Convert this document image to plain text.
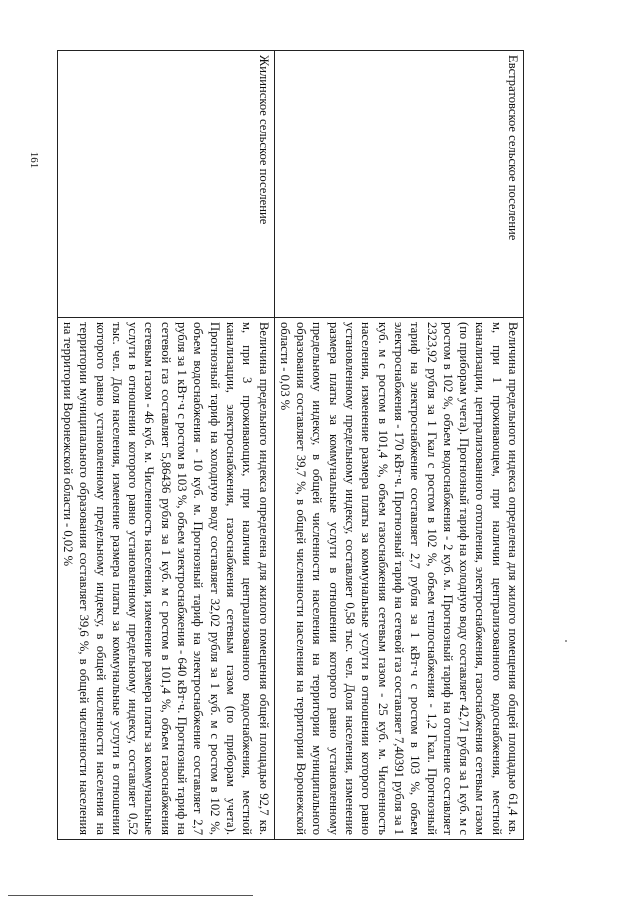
161	Евстратовское сельское поселение	Величина предельного индекса определена для жилого помещения общей площадью 61,4 кв. м, при 1 проживающем, при наличии централизованного водоснабжения, местной канализации, централизованного отопления, электроснабжения, газоснабжения сетевым газом (по приборам учета). Прогнозный тариф на холодную воду составляет 42,71 рубля за 1 куб. м с ростом в 102 %, объем водоснабжения - 2 куб. м. Прогнозный тариф на отопление составляет 2323,92 рубля за 1 Гкал с ростом в 102 %, объем теплоснабжения - 1,2 Гкал. Прогнозный тариф на электроснабжение составляет 2,7 рубля за 1 кВт·ч с ростом в 103 %, объем электроснабжения - 170 кВт·ч. Прогнозный тариф на сетевой газ составляет 7,40391 рубля за 1 куб. м с ростом в 101,4 %, объем газоснабжения сетевым газом - 25 куб. м. Численность населения, изменение размера платы за коммунальные услуги в отношении которого равно установленному предельному индексу, составляет 0,58 тыс. чел. Доля населения, изменение размера платы за коммунальные услуги в отношении которого равно установленному предельному индексу, в общей численности населения на территории муниципального образования составляет 39,7 %, в общей численности населения на территории Воронежской области - 0,03 %
Жилинское сельское поселение	Величина предельного индекса определена для жилого помещения общей площадью 92,7 кв. м, при 3 проживающих, при наличии централизованного водоснабжения, местной канализации, электроснабжения, газоснабжения сетевым газом (по приборам учета). Прогнозный тариф на холодную воду составляет 32,02 рубля за 1 куб. м с ростом в 102 %, объем водоснабжения - 10 куб. м. Прогнозный тариф на электроснабжение составляет 2,7 рубля за 1 кВт·ч с ростом в 103 %, объем электроснабжения - 640 кВт·ч. Прогнозный тариф на сетевой газ составляет 5,86436 рубля за 1 куб. м с ростом в 101,4 %, объем газоснабжения сетевым газом - 46 куб. м. Численность населения, изменение размера платы за коммунальные услуги в отношении которого равно установленному предельному индексу, составляет 0,52 тыс. чел. Доля населения, изменение размера платы за коммунальные услуги в отношении которого равно установленному предельному индексу, в общей численности населения на территории муниципального образования составляет 39,6 %, в общей численности населения на территории Воронежской области - 0,02 %
